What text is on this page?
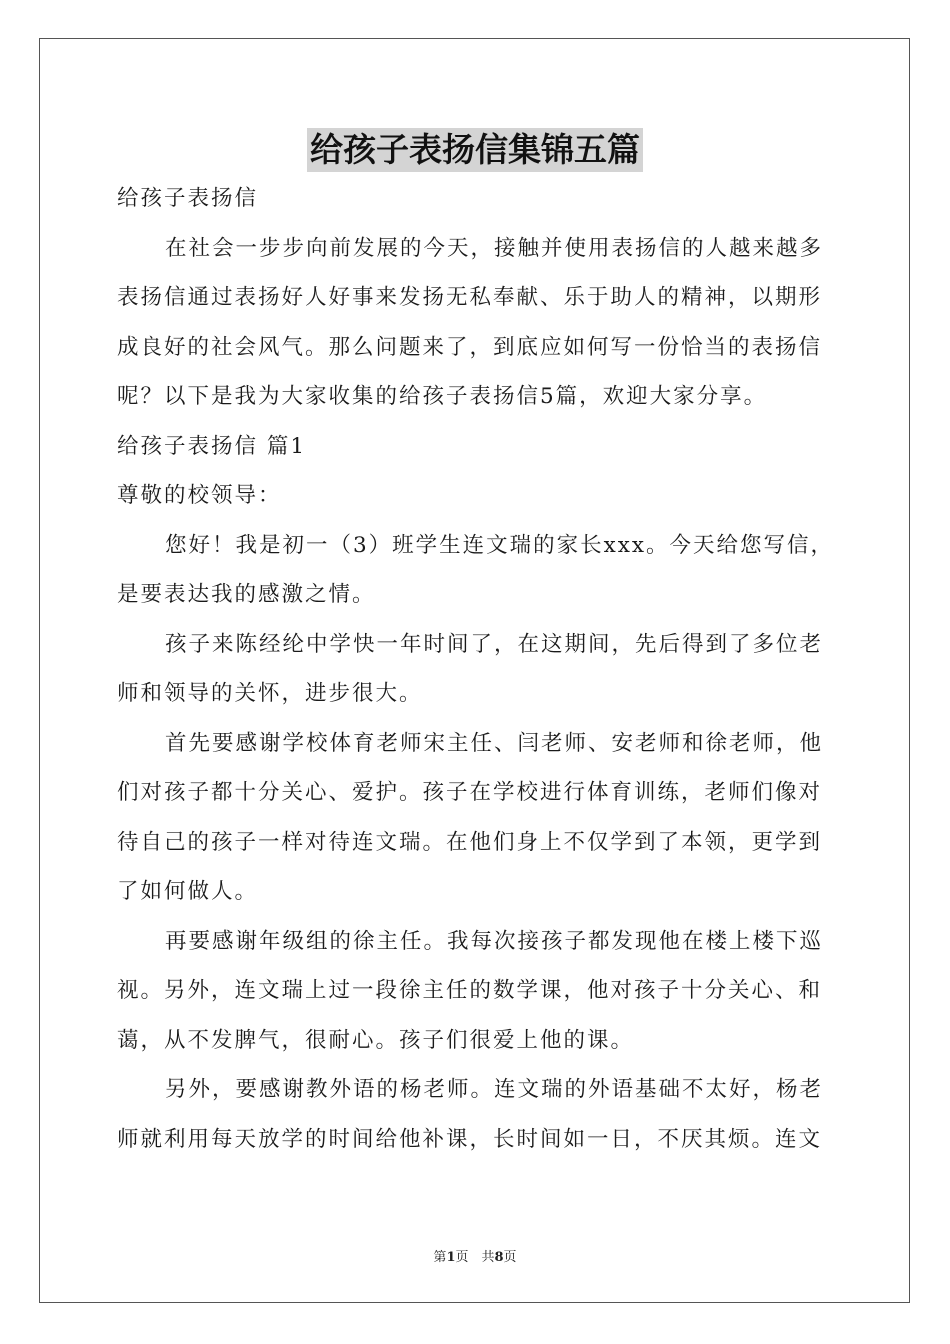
给孩子表扬信集锦五篇
给孩子表扬信
在社会一步步向前发展的今天，接触并使用表扬信的人越来越多
表扬信通过表扬好人好事来发扬无私奉献、乐于助人的精神，以期形
成良好的社会风气。那么问题来了，到底应如何写一份恰当的表扬信
呢？以下是我为大家收集的给孩子表扬信5篇，欢迎大家分享。
给孩子表扬信 篇1
尊敬的校领导：
您好！我是初一（3）班学生连文瑞的家长xxx。今天给您写信，
是要表达我的感激之情。
孩子来陈经纶中学快一年时间了，在这期间，先后得到了多位老
师和领导的关怀，进步很大。
首先要感谢学校体育老师宋主任、闫老师、安老师和徐老师，他
们对孩子都十分关心、爱护。孩子在学校进行体育训练，老师们像对
待自己的孩子一样对待连文瑞。在他们身上不仅学到了本领，更学到
了如何做人。
再要感谢年级组的徐主任。我每次接孩子都发现他在楼上楼下巡
视。另外，连文瑞上过一段徐主任的数学课，他对孩子十分关心、和
蔼，从不发脾气，很耐心。孩子们很爱上他的课。
另外，要感谢教外语的杨老师。连文瑞的外语基础不太好，杨老
师就利用每天放学的时间给他补课，长时间如一日，不厌其烦。连文
第1页　共8页
